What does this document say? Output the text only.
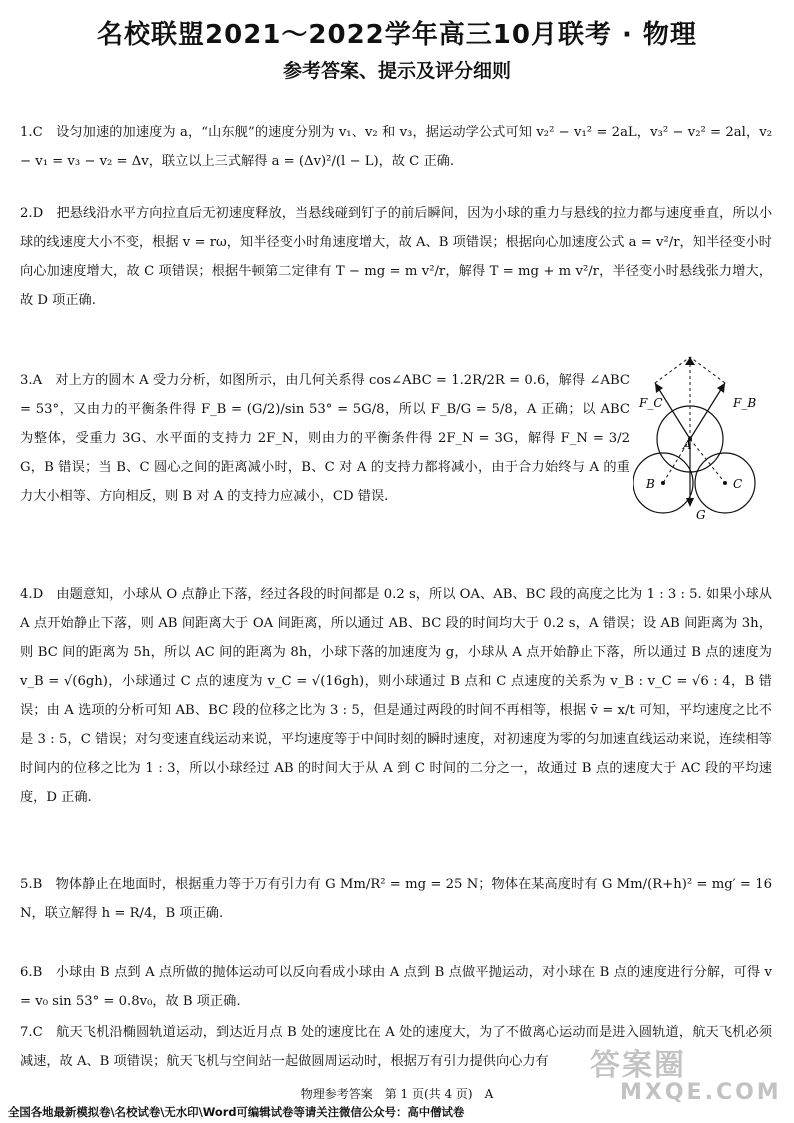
名校联盟2021～2022学年高三10月联考 · 物理
参考答案、提示及评分细则
1.C　 设匀加速的加速度为 a，“山东舰”的速度分别为 v₁、v₂ 和 v₃，据运动学公式可知 v₂² − v₁² = 2aL，v₃² − v₂² = 2al，v₂ − v₁ = v₃ − v₂ = Δv，联立以上三式解得 a = (Δv)²/(l − L)，故 C 正确.
2.D　 把悬线沿水平方向拉直后无初速度释放，当悬线碰到钉子的前后瞬间，因为小球的重力与悬线的拉力都与速度垂直，所以小球的线速度大小不变，根据 v = rω，知半径变小时角速度增大，故 A、B 项错误；根据向心加速度公式 a = v²/r，知半径变小时向心加速度增大，故 C 项错误；根据牛顿第二定律有 T − mg = m v²/r，解得 T = mg + m v²/r，半径变小时悬线张力增大，故 D 项正确.
3.A　 对上方的圆木 A 受力分析，如图所示，由几何关系得 cos∠ABC = 1.2R/2R = 0.6，解得 ∠ABC = 53°，又由力的平衡条件得 F_B = (G/2)/sin 53° = 5G/8，所以 F_B/G = 5/8，A 正确；以 ABC 为整体，受重力 3G、水平面的支持力 2F_N，则由力的平衡条件得 2F_N = 3G，解得 F_N = 3/2 G，B 错误；当 B、C 圆心之间的距离减小时，B、C 对 A 的支持力都将减小，由于合力始终与 A 的重力大小相等、方向相反，则 B 对 A 的支持力应减小，CD 错误.
F_C	F_B
A
B	C
G
4.D　 由题意知，小球从 O 点静止下落，经过各段的时间都是 0.2 s，所以 OA、AB、BC 段的高度之比为 1 : 3 : 5. 如果小球从 A 点开始静止下落，则 AB 间距离大于 OA 间距离，所以通过 AB、BC 段的时间均大于 0.2 s，A 错误；设 AB 间距离为 3h，则 BC 间的距离为 5h，所以 AC 间的距离为 8h，小球下落的加速度为 g，小球从 A 点开始静止下落，所以通过 B 点的速度为 v_B = √(6gh)，小球通过 C 点的速度为 v_C = √(16gh)，则小球通过 B 点和 C 点速度的关系为 v_B : v_C = √6 : 4，B 错误；由 A 选项的分析可知 AB、BC 段的位移之比为 3 : 5，但是通过两段的时间不再相等，根据 v̄ = x/t 可知，平均速度之比不是 3 : 5，C 错误；对匀变速直线运动来说，平均速度等于中间时刻的瞬时速度，对初速度为零的匀加速直线运动来说，连续相等时间内的位移之比为 1 : 3，所以小球经过 AB 的时间大于从 A 到 C 时间的二分之一，故通过 B 点的速度大于 AC 段的平均速度，D 正确.
5.B　 物体静止在地面时，根据重力等于万有引力有 G Mm/R² = mg = 25 N；物体在某高度时有 G Mm/(R+h)² = mg′ = 16 N，联立解得 h = R/4，B 项正确.
6.B　 小球由 B 点到 A 点所做的抛体运动可以反向看成小球由 A 点到 B 点做平抛运动，对小球在 B 点的速度进行分解，可得 v = v₀ sin 53° = 0.8v₀，故 B 项正确.
7.C　 航天飞机沿椭圆轨道运动，到达近月点 B 处的速度比在 A 处的速度大，为了不做离心运动而是进入圆轨道，航天飞机必须减速，故 A、B 项错误；航天飞机与空间站一起做圆周运动时，根据万有引力提供向心力有	答案圈
MXQE.COM
物理参考答案　第 1 页(共 4 页)　A
全国各地最新模拟卷\名校试卷\无水印\Word可编辑试卷等请关注微信公众号：高中僧试卷
